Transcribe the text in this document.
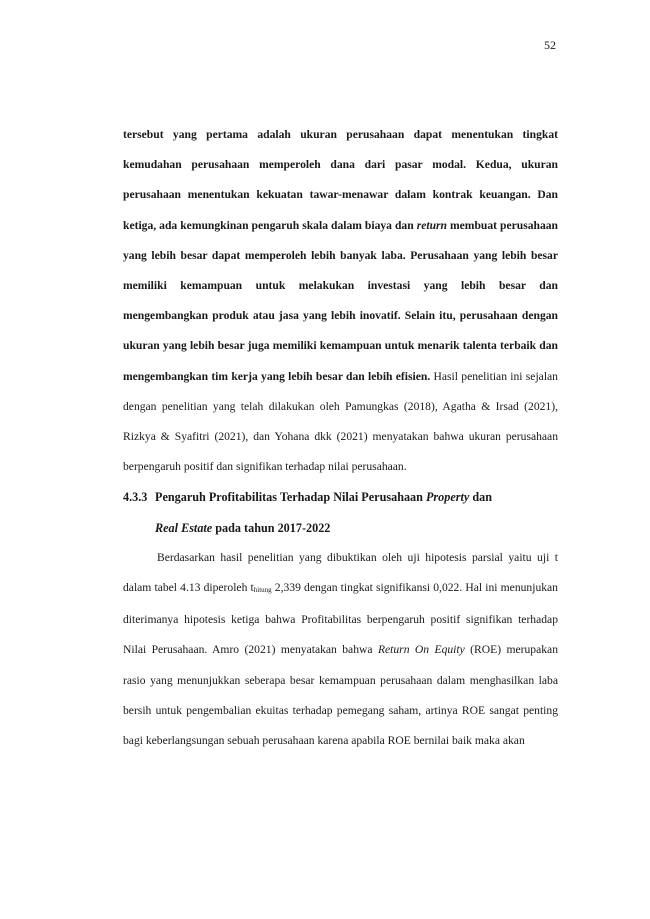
52

tersebut yang pertama adalah ukuran perusahaan dapat menentukan tingkat kemudahan perusahaan memperoleh dana dari pasar modal. Kedua, ukuran perusahaan menentukan kekuatan tawar-menawar dalam kontrak keuangan. Dan ketiga, ada kemungkinan pengaruh skala dalam biaya dan return membuat perusahaan yang lebih besar dapat memperoleh lebih banyak laba. Perusahaan yang lebih besar memiliki kemampuan untuk melakukan investasi yang lebih besar dan mengembangkan produk atau jasa yang lebih inovatif. Selain itu, perusahaan dengan ukuran yang lebih besar juga memiliki kemampuan untuk menarik talenta terbaik dan mengembangkan tim kerja yang lebih besar dan lebih efisien. Hasil penelitian ini sejalan dengan penelitian yang telah dilakukan oleh Pamungkas (2018), Agatha & Irsad (2021), Rizkya & Syafitri (2021), dan Yohana dkk (2021) menyatakan bahwa ukuran perusahaan berpengaruh positif dan signifikan terhadap nilai perusahaan.

4.3.3 Pengaruh Profitabilitas Terhadap Nilai Perusahaan Property dan
Real Estate pada tahun 2017-2022

Berdasarkan hasil penelitian yang dibuktikan oleh uji hipotesis parsial yaitu uji t dalam tabel 4.13 diperoleh thitung 2,339 dengan tingkat signifikansi 0,022. Hal ini menunjukan diterimanya hipotesis ketiga bahwa Profitabilitas berpengaruh positif signifikan terhadap Nilai Perusahaan. Amro (2021) menyatakan bahwa Return On Equity (ROE) merupakan rasio yang menunjukkan seberapa besar kemampuan perusahaan dalam menghasilkan laba bersih untuk pengembalian ekuitas terhadap pemegang saham, artinya ROE sangat penting bagi keberlangsungan sebuah perusahaan karena apabila ROE bernilai baik maka akan
